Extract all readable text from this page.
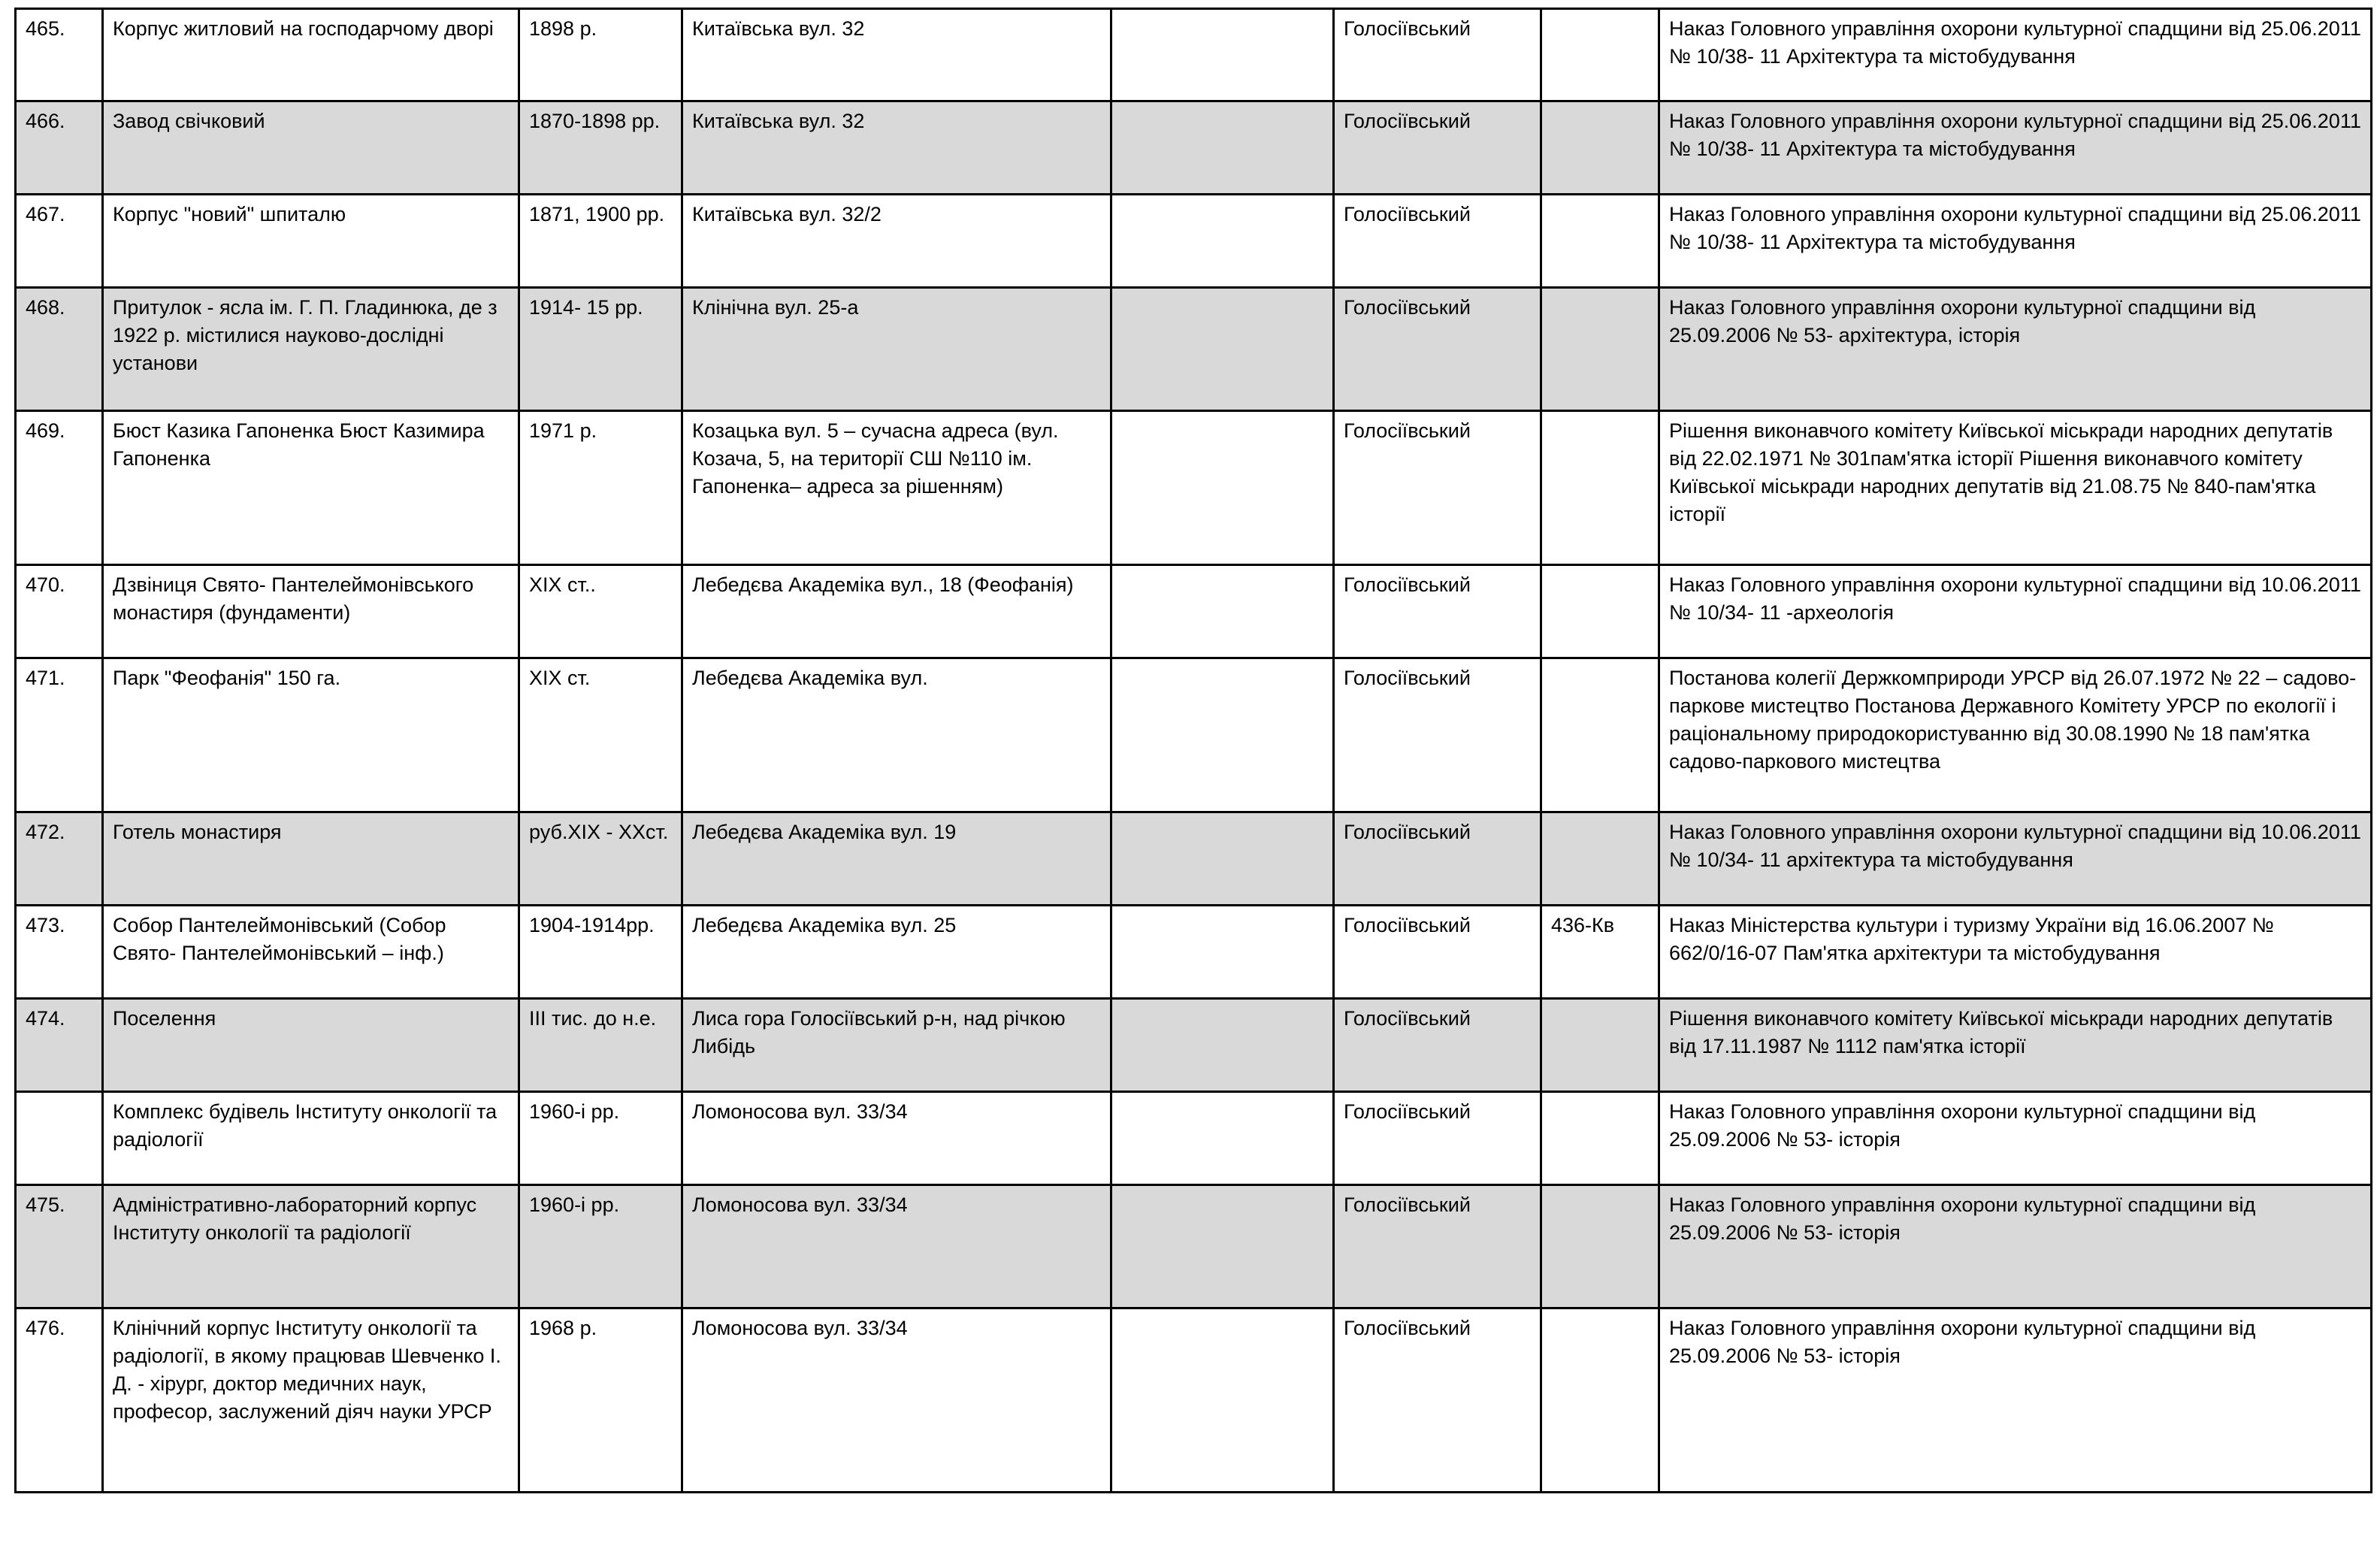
465.	Корпус житловий на господарчому дворі	1898 р.	Китаївська вул. 32		Голосіївський		Наказ Головного управління охорони культурної спадщини від 25.06.2011 № 10/38- 11 Архітектура та містобудування
466.	Завод свічковий	1870-1898 рр.	Китаївська вул. 32		Голосіївський		Наказ Головного управління охорони культурної спадщини від 25.06.2011 № 10/38- 11 Архітектура та містобудування
467.	Корпус "новий" шпиталю	1871, 1900 рр.	Китаївська вул. 32/2		Голосіївський		Наказ Головного управління охорони культурної спадщини від 25.06.2011 № 10/38- 11 Архітектура та містобудування
468.	Притулок - ясла ім. Г. П. Гладинюка, де з 1922 р. містилися науково-дослідні установи	1914- 15 рр.	Клінічна вул. 25-а		Голосіївський		Наказ Головного управління охорони культурної спадщини від 25.09.2006 № 53- архітектура, історія
469.	Бюст Казика Гапоненка Бюст Казимира Гапоненка	1971 р.	Козацька вул. 5 – сучасна адреса (вул. Козача, 5, на території СШ №110 ім. Гапоненка– адреса за рішенням)		Голосіївський		Рішення виконавчого комітету Київської міськради народних депутатів від 22.02.1971 № 301пам'ятка історії Рішення виконавчого комітету Київської міськради народних депутатів від 21.08.75 № 840-пам'ятка історії
470.	Дзвіниця Свято- Пантелеймонівського монастиря (фундаменти)	ХІХ ст..	Лебедєва Академіка вул., 18 (Феофанія)		Голосіївський		Наказ Головного управління охорони культурної спадщини від 10.06.2011 № 10/34- 11 -археологія
471.	Парк "Феофанія" 150 га.	ХІХ ст.	Лебедєва Академіка вул.		Голосіївський		Постанова колегії Держкомприроди УРСР від 26.07.1972 № 22 – садово-паркове мистецтво Постанова Державного Комітету УРСР по екології і раціональному природокористуванню від 30.08.1990 № 18 пам'ятка садово-паркового мистецтва
472.	Готель монастиря	руб.ХІХ - ХХст.	Лебедєва Академіка вул. 19		Голосіївський		Наказ Головного управління охорони культурної спадщини від 10.06.2011 № 10/34- 11 архітектура та містобудування
473.	Собор Пантелеймонівський (Собор Свято- Пантелеймонівський – інф.)	1904-1914рр.	Лебедєва Академіка вул. 25		Голосіївський	436-Кв	Наказ Міністерства культури і туризму України від 16.06.2007 № 662/0/16-07 Пам'ятка архітектури та містобудування
474.	Поселення	ІІІ тис. до н.е.	Лиса гора Голосіївський р-н, над річкою Либідь		Голосіївський		Рішення виконавчого комітету Київської міськради народних депутатів від 17.11.1987 № 1112 пам'ятка історії
	Комплекс будівель Інституту онкології та радіології	1960-і рр.	Ломоносова вул. 33/34		Голосіївський		Наказ Головного управління охорони культурної спадщини від 25.09.2006 № 53- історія
475.	Адміністративно-лабораторний корпус Інституту онкології та радіології	1960-і рр.	Ломоносова вул. 33/34		Голосіївський		Наказ Головного управління охорони культурної спадщини від 25.09.2006 № 53- історія
476.	Клінічний корпус Інституту онкології та радіології, в якому працював Шевченко І. Д. - хірург, доктор медичних наук, професор, заслужений діяч науки УРСР	1968 р.	Ломоносова вул. 33/34		Голосіївський		Наказ Головного управління охорони культурної спадщини від 25.09.2006 № 53- історія
